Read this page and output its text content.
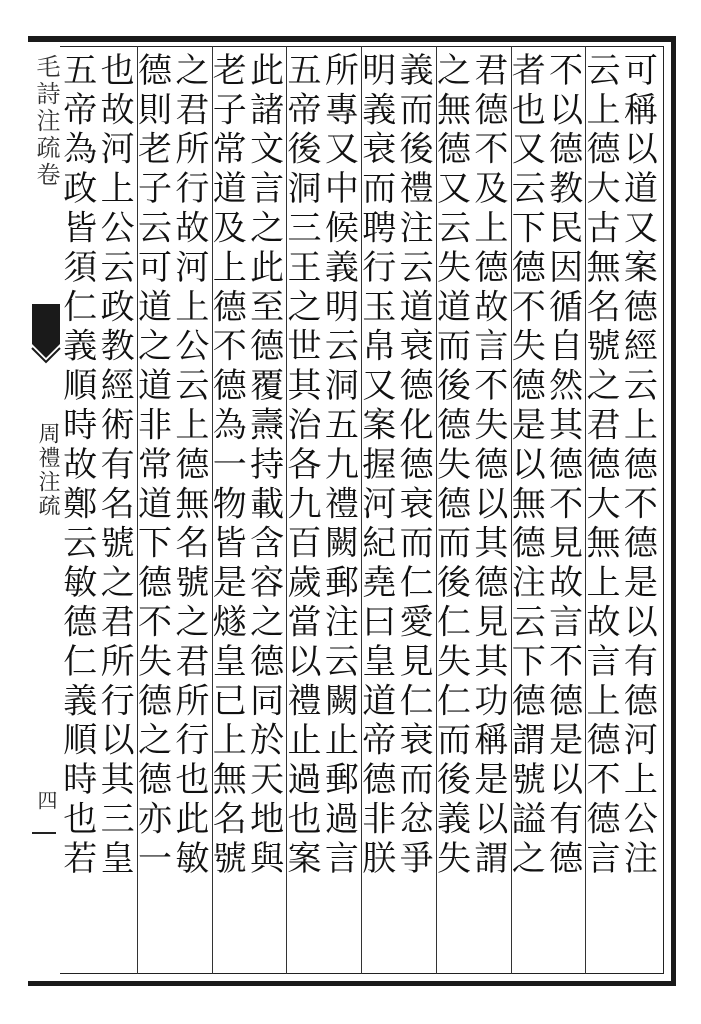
毛詩注疏卷
周禮注疏
四	可稱以道又案德經云上德不德是以有德河上公注
云上德大古無名號之君德大無上故言上德不德言
不以德教民因循自然其德不見故言不德是以有德
者也又云下德不失德是以無德注云下德謂號謚之
君德不及上德故言不失德以其德見其功稱是以謂
之無德又云失道而後德失德而後仁失仁而後義失
義而後禮注云道衰德化德衰而仁愛見仁衰而忿爭
明義衰而聘行玉帛又案握河紀堯曰皇道帝德非朕
所專又中候義明云洞五九禮闕郵注云闕止郵過言
五帝後洞三王之世其治各九百歲當以禮止過也案
此諸文言之此至德覆燾持載含容之德同於天地與
老子常道及上德不德為一物皆是燧皇已上無名號
之君所行故河上公云上德無名號之君所行也此敏
德則老子云可道之道非常道下德不失德之德亦一
也故河上公云政教經術有名號之君所行以其三皇
五帝為政皆須仁義順時故鄭云敏德仁義順時也若
